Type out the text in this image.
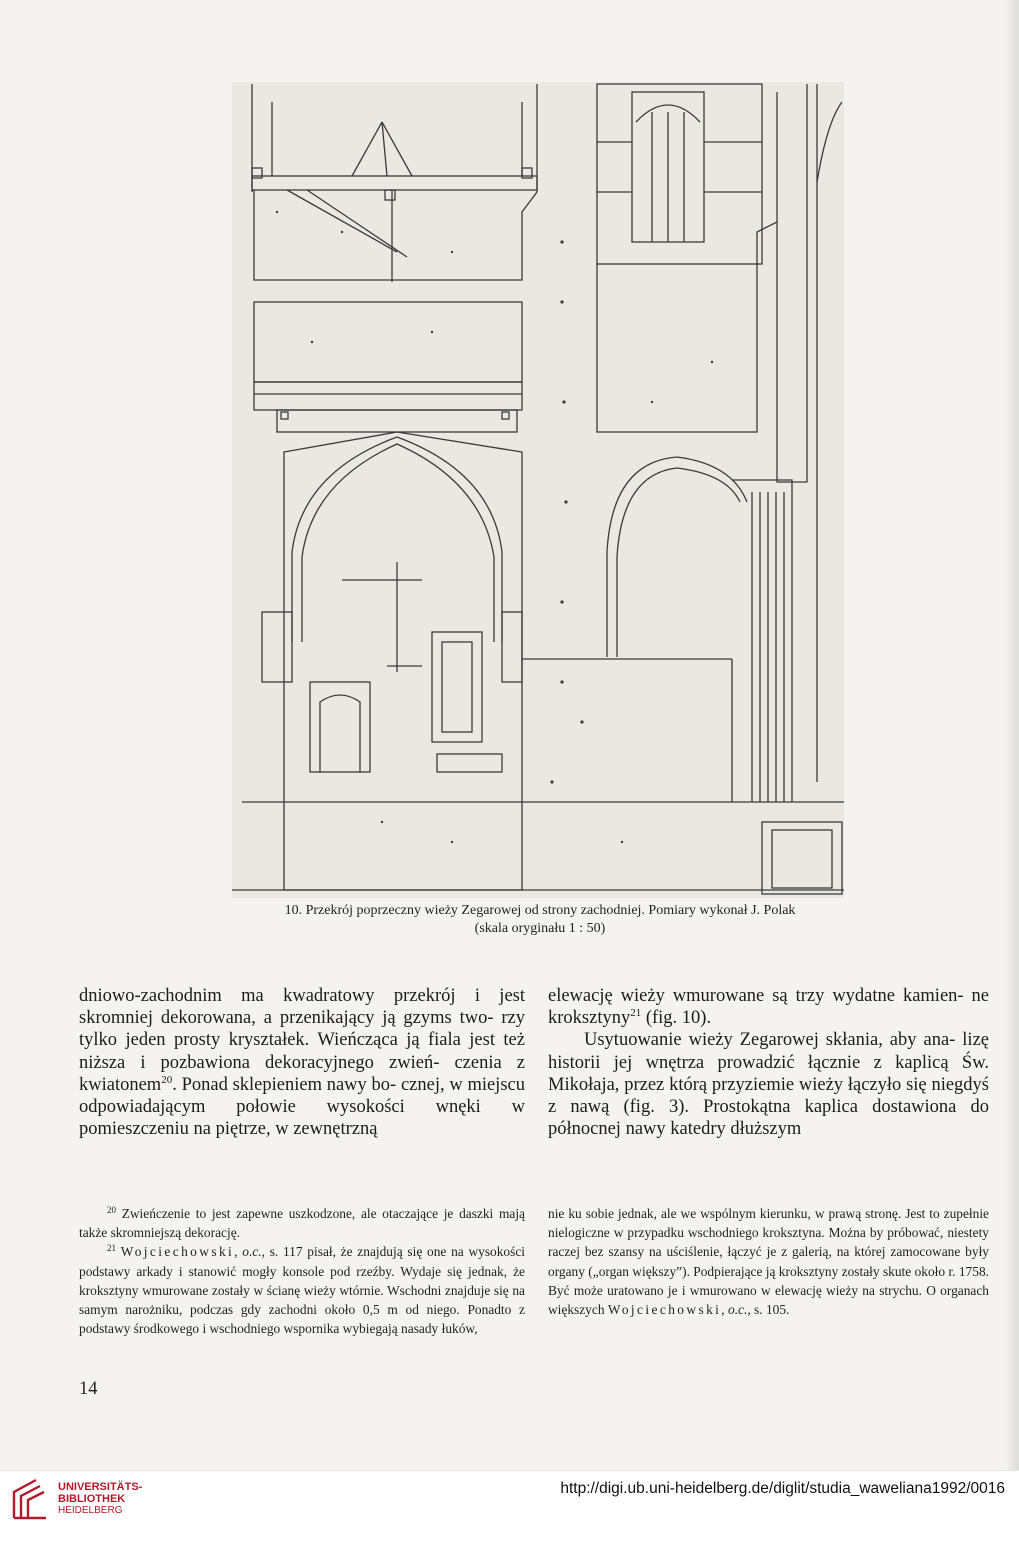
10. Przekrój poprzeczny wieży Zegarowej od strony zachodniej. Pomiary wykonał J. Polak
(skala oryginału 1 : 50)

dniowo-zachodnim ma kwadratowy przekrój i jest skromniej dekorowana, a przenikający ją gzyms two- rzy tylko jeden prosty kryształek. Wieńcząca ją fiala jest też niższa i pozbawiona dekoracyjnego zwień- czenia z kwiatonem$^{20}$. Ponad sklepieniem nawy bo- cznej, w miejscu odpowiadającym połowie wysokości wnęki w pomieszczeniu na piętrze, w zewnętrzną

elewację wieży wmurowane są trzy wydatne kamien- ne kroksztyny$^{21}$ (fig. 10).

Usytuowanie wieży Zegarowej skłania, aby ana- lizę historii jej wnętrza prowadzić łącznie z kaplicą Św. Mikołaja, przez którą przyziemie wieży łączyło się niegdyś z nawą (fig. 3). Prostokątna kaplica dostawiona do północnej nawy katedry dłuższym

$^{20}$ Zwieńczenie to jest zapewne uszkodzone, ale otaczające je daszki mają także skromniejszą dekorację.

$^{21}$ Wojciechowski, o.c., s. 117 pisał, że znajdują się one na wysokości podstawy arkady i stanowić mogły konsole pod rzeźby. Wydaje się jednak, że kroksztyny wmurowane zostały w ścianę wieży wtórnie. Wschodni znajduje się na samym narożniku, podczas gdy zachodni około 0,5 m od niego. Ponadto z podstawy środkowego i wschodniego wspornika wybiegają nasady łuków,

nie ku sobie jednak, ale we wspólnym kierunku, w prawą stronę. Jest to zupełnie nielogiczne w przypadku wschodniego kroksztyna. Można by próbować, niestety raczej bez szansy na uściślenie, łączyć je z galerią, na której zamocowane były organy („organ większy”). Podpierające ją kroksztyny zostały skute około r. 1758. Być może uratowano je i wmurowano w elewację wieży na strychu. O organach większych Wojciechowski, o.c., s. 105.

14
UNIVERSITÄTS-
BIBLIOTHEK
HEIDELBERG
http://digi.ub.uni-heidelberg.de/diglit/studia_waweliana1992/0016
